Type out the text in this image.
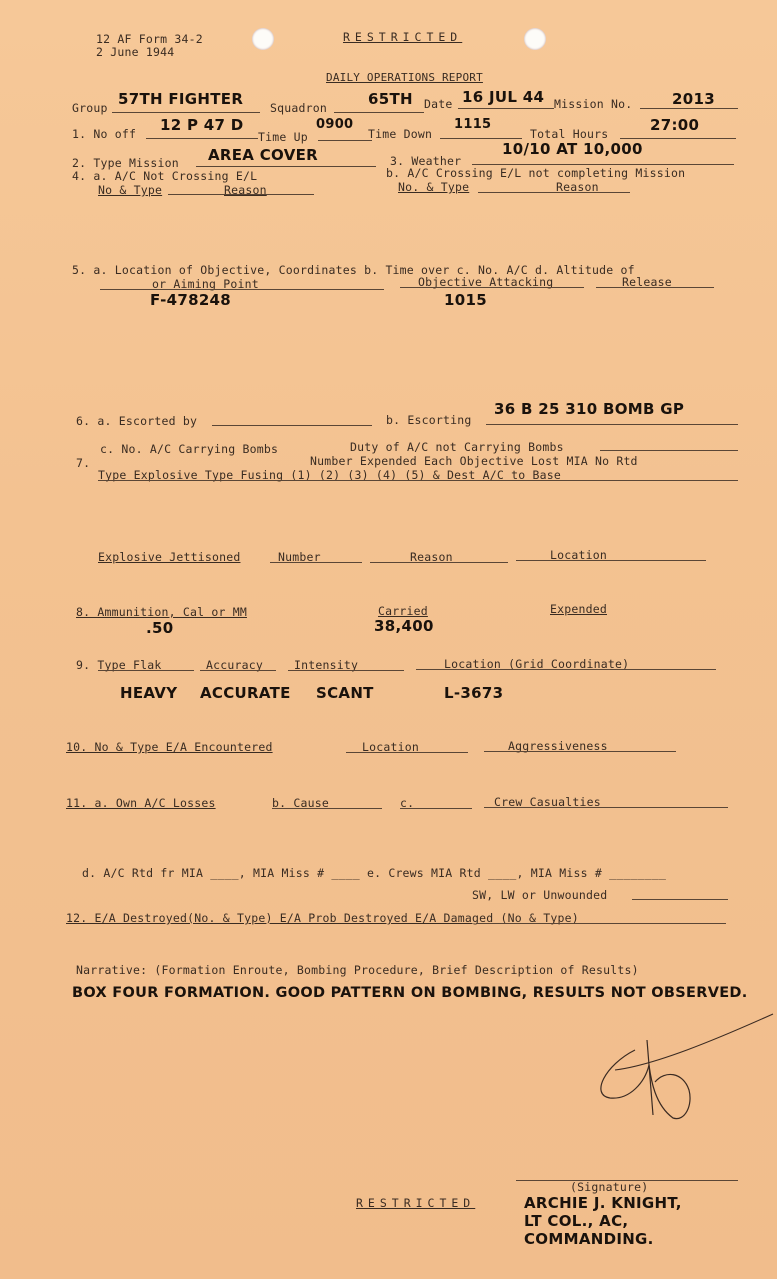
12 AF Form 34-2
2 June 1944
RESTRICTED
DAILY OPERATIONS REPORT
Group 57TH FIGHTER Squadron	65TH Date 16 JUL 44 Mission No.	2013
1. No off 12 P 47 D
Time Up
0900
Time Down
1115
Total Hours	27:00
2. Type Mission AREA COVER	3. Weather
10/10 AT 10,000
4. a. A/C Not Crossing E/L	b. A/C Crossing E/L not completing Mission
No & Type	Reason	No. & Type	Reason
5. a. Location of Objective, Coordinates b. Time over c. No. A/C d. Altitude of
or Aiming Point	Objective Attacking	Release
F-478248	1015
6. a. Escorted by	b. Escorting
36 B 25 310 BOMB GP
c. No. A/C Carrying Bombs	Duty of A/C not Carrying Bombs
7.	Number Expended Each Objective Lost MIA No Rtd
Type Explosive Type Fusing (1) (2) (3) (4) (5) & Dest A/C to Base
Explosive Jettisoned	Number	Reason	Location
8. Ammunition, Cal or MM	Carried	Expended
.50	38,400
9. Type Flak	Accuracy	Intensity	Location (Grid Coordinate)
HEAVY ACCURATE SCANT	L-3673
10. No & Type E/A Encountered	Location	Aggressiveness
11. a. Own A/C Losses	b. Cause	c.	Crew Casualties
d. A/C Rtd fr MIA ____, MIA Miss # ____ e. Crews MIA Rtd ____, MIA Miss # ________
SW, LW or Unwounded
12. E/A Destroyed(No. & Type) E/A Prob Destroyed E/A Damaged (No & Type)
Narrative: (Formation Enroute, Bombing Procedure, Brief Description of Results)
BOX FOUR FORMATION. GOOD PATTERN ON BOMBING, RESULTS NOT OBSERVED.
(Signature)
RESTRICTED	ARCHIE J. KNIGHT,
LT COL., AC,
COMMANDING.
